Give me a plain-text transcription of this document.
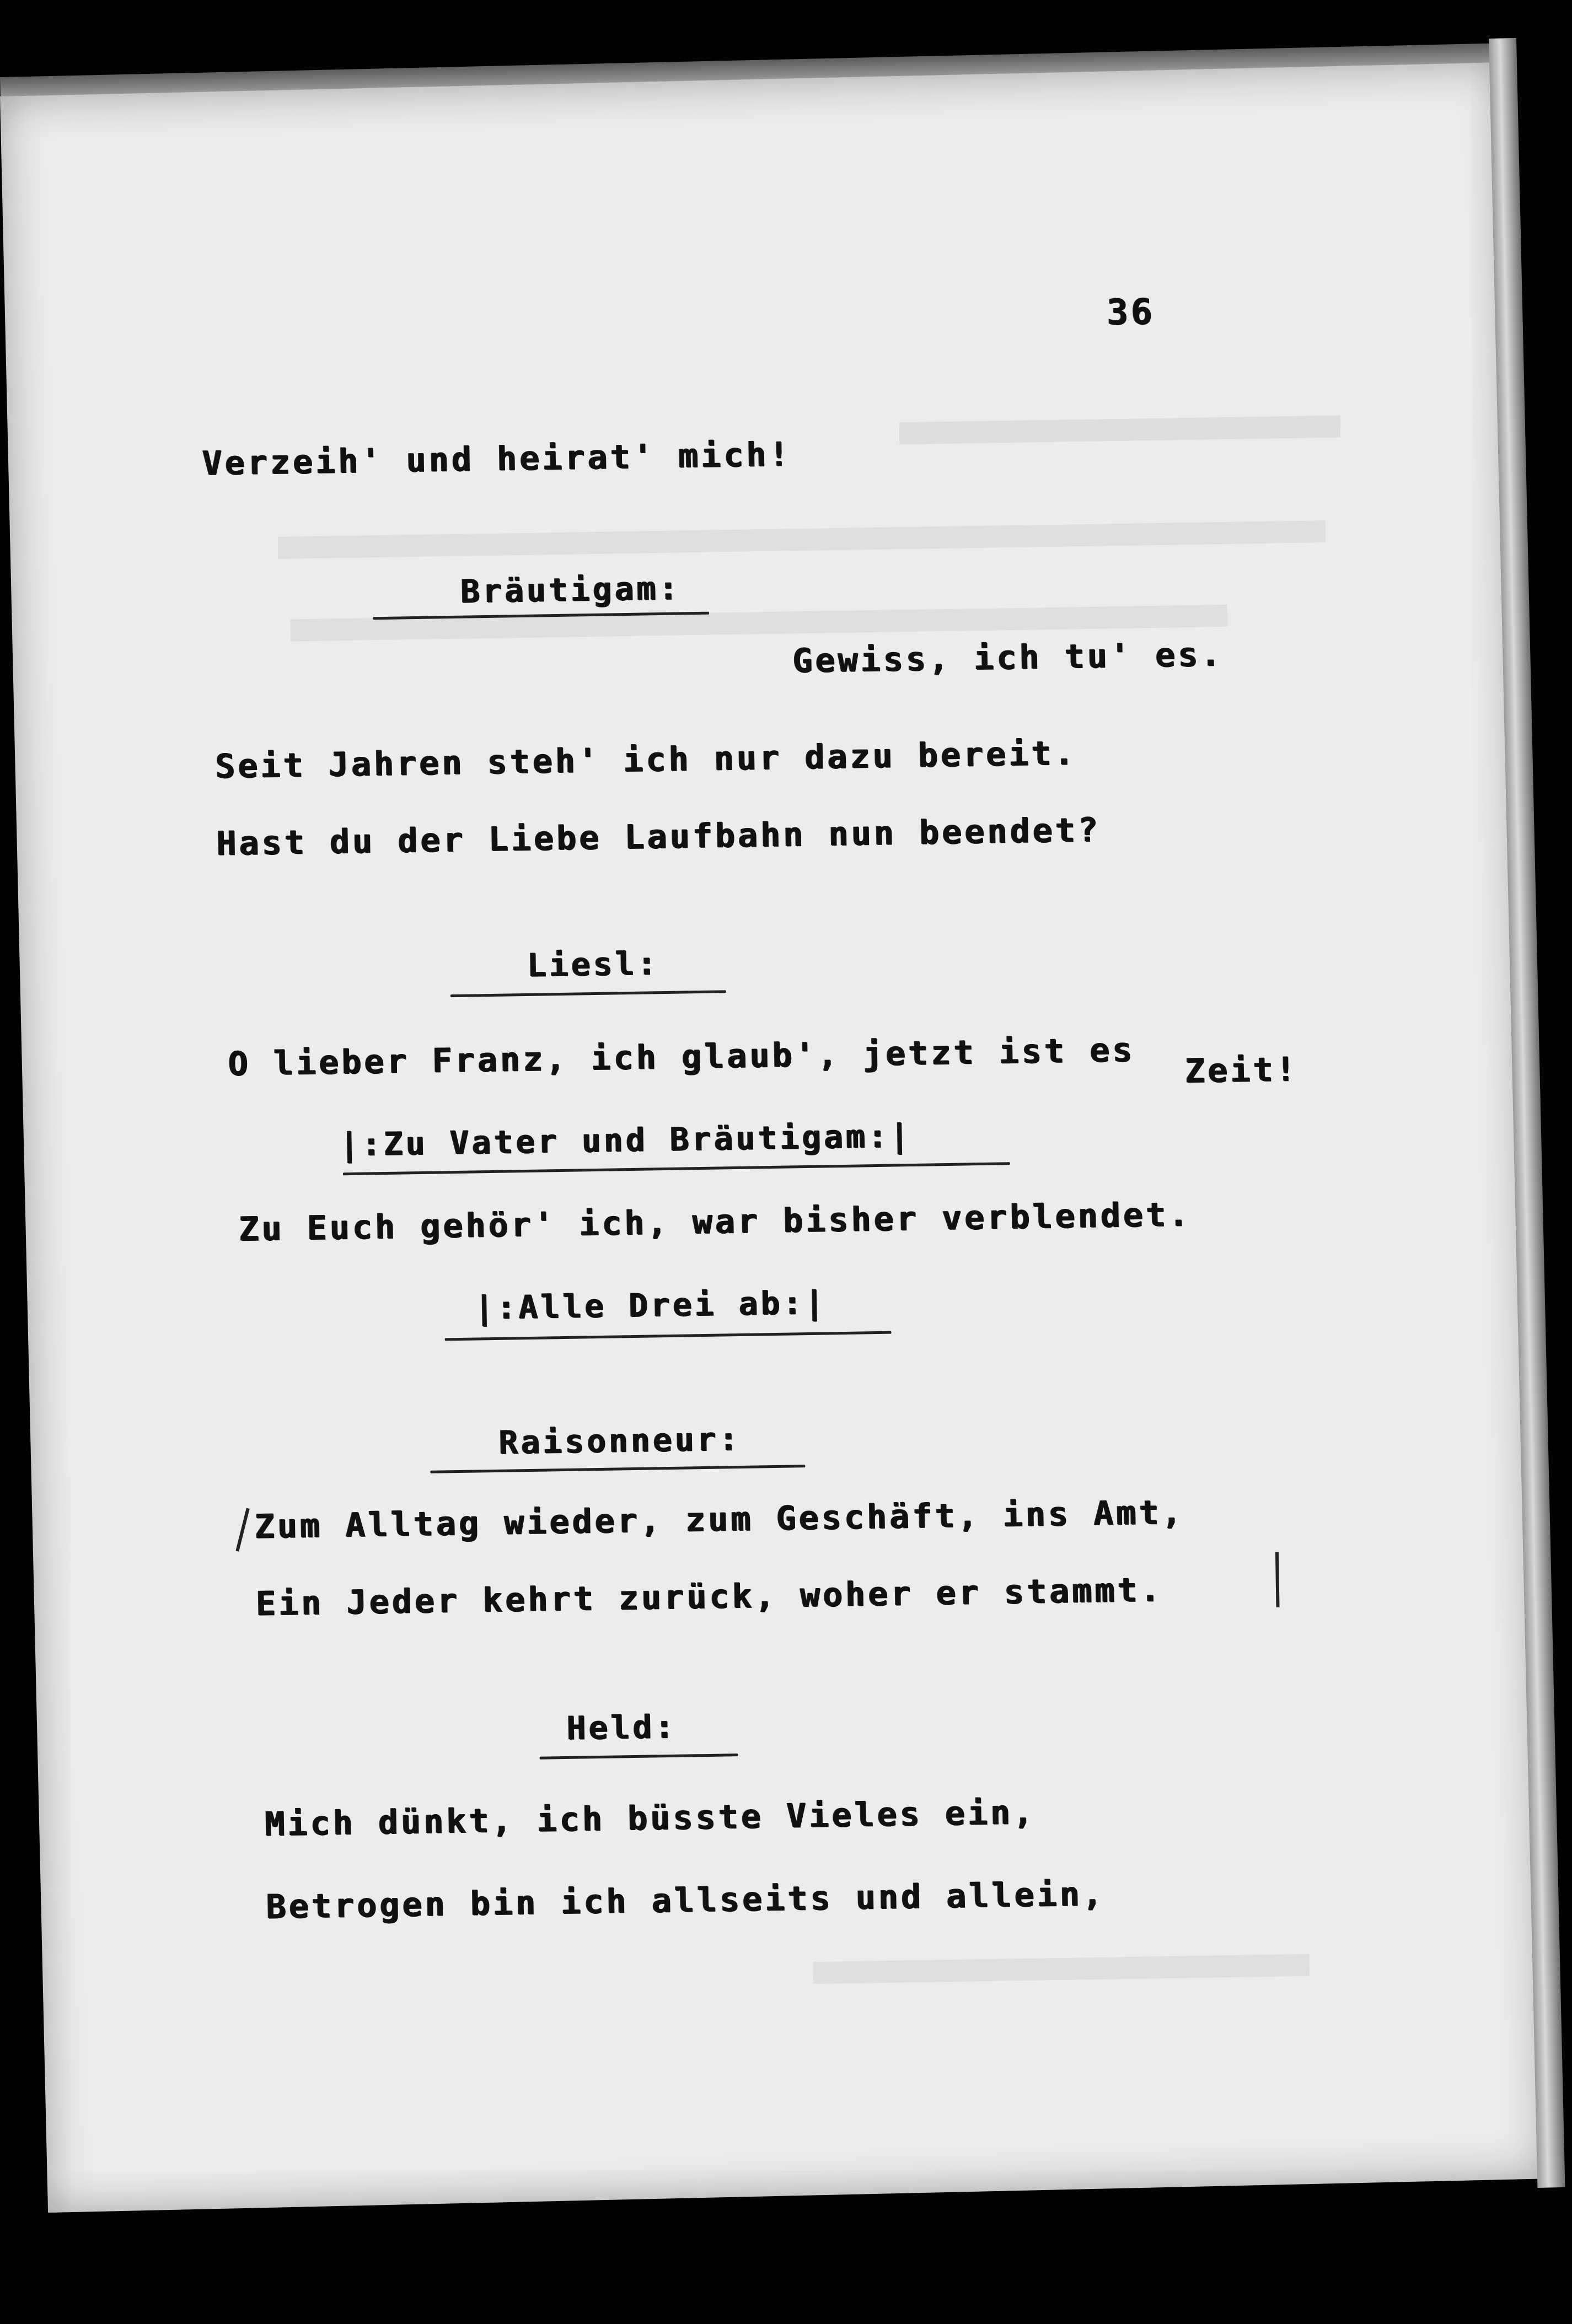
36
Verzeih' und heirat' mich!
Bräutigam:
Gewiss, ich tu' es.
Seit Jahren steh' ich nur dazu bereit.
Hast du der Liebe Laufbahn nun beendet?
Liesl:
O lieber Franz, ich glaub', jetzt ist es Zeit!
|:Zu Vater und Bräutigam:|
Zu Euch gehör' ich, war bisher verblendet.
|:Alle Drei ab:|
Raisonneur:
Zum Alltag wieder, zum Geschäft, ins Amt,
Ein Jeder kehrt zurück, woher er stammt.
Held:
Mich dünkt, ich büsste Vieles ein,
Betrogen bin ich allseits und allein,
